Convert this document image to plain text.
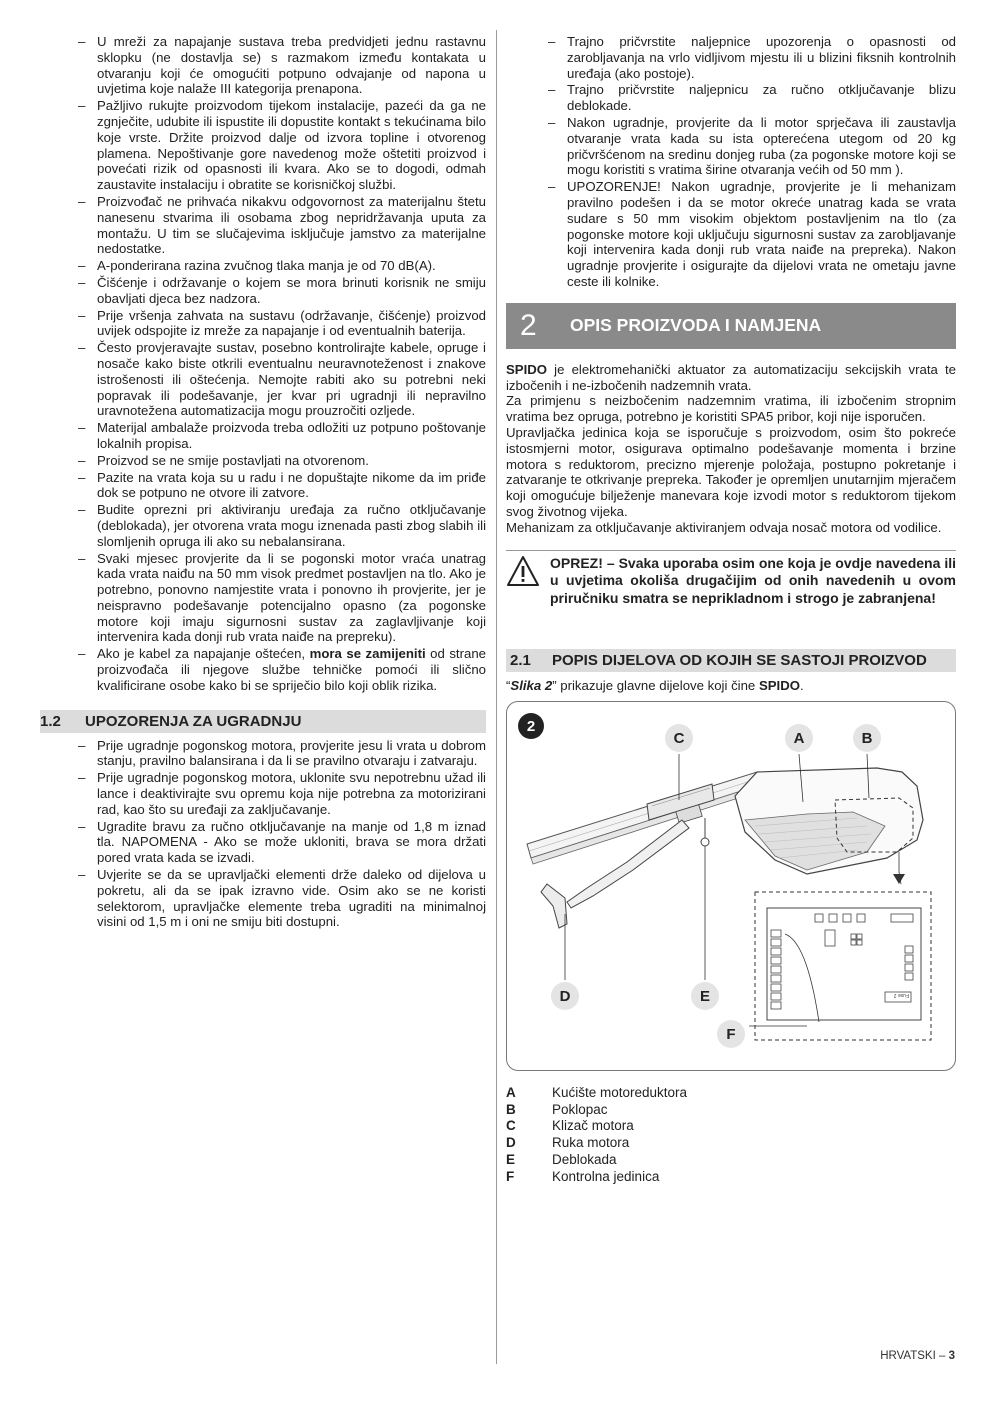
– U mreži za napajanje sustava treba predvidjeti jednu rastavnu sklopku (ne dostavlja se) s razmakom između kontakata u otvaranju koji će omogućiti potpuno odvajanje od napona u uvjetima koje nalaže III kategorija prenapona.
– Pažljivo rukujte proizvodom tijekom instalacije, pazeći da ga ne zgnječite, udubite ili ispustite ili dopustite kontakt s tekućinama bilo koje vrste. Držite proizvod dalje od izvora topline i otvorenog plamena. Nepoštivanje gore navedenog može oštetiti proizvod i povećati rizik od opasnosti ili kvara. Ako se to dogodi, odmah zaustavite instalaciju i obratite se korisničkoj službi.
– Proizvođač ne prihvaća nikakvu odgovornost za materijalnu štetu nanesenu stvarima ili osobama zbog nepridržavanja uputa za montažu. U tim se slučajevima isključuje jamstvo za materijalne nedostatke.
– A-ponderirana razina zvučnog tlaka manja je od 70 dB(A).
– Čišćenje i održavanje o kojem se mora brinuti korisnik ne smiju obavljati djeca bez nadzora.
– Prije vršenja zahvata na sustavu (održavanje, čišćenje) proizvod uvijek odspojite iz mreže za napajanje i od eventualnih baterija.
– Često provjeravajte sustav, posebno kontrolirajte kabele, opruge i nosače kako biste otkrili eventualnu neuravnoteženost i znakove istrošenosti ili oštećenja. Nemojte rabiti ako su potrebni neki popravak ili podešavanje, jer kvar pri ugradnji ili nepravilno uravnotežena automatizacija mogu prouzročiti ozljede.
– Materijal ambalaže proizvoda treba odložiti uz potpuno poštovanje lokalnih propisa.
– Proizvod se ne smije postavljati na otvorenom.
– Pazite na vrata koja su u radu i ne dopuštajte nikome da im priđe dok se potpuno ne otvore ili zatvore.
– Budite oprezni pri aktiviranju uređaja za ručno otključavanje (deblokada), jer otvorena vrata mogu iznenada pasti zbog slabih ili slomljenih opruga ili ako su nebalansirana.
– Svaki mjesec provjerite da li se pogonski motor vraća unatrag kada vrata naiđu na 50 mm visok predmet postavljen na tlo. Ako je potrebno, ponovno namjestite vrata i ponovno ih provjerite, jer je neispravno podešavanje potencijalno opasno (za pogonske motore koji imaju sigurnosni sustav za zaglavljivanje koji intervenira kada donji rub vrata naiđe na prepreku).
– Ako je kabel za napajanje oštećen, mora se zamijeniti od strane proizvođača ili njegove službe tehničke pomoći ili slično kvalificirane osobe kako bi se spriječio bilo koji oblik rizika.
1.2	UPOZORENJA ZA UGRADNJU
– Prije ugradnje pogonskog motora, provjerite jesu li vrata u dobrom stanju, pravilno balansirana i da li se pravilno otvaraju i zatvaraju.
– Prije ugradnje pogonskog motora, uklonite svu nepotrebnu užad ili lance i deaktivirajte svu opremu koja nije potrebna za motorizirani rad, kao što su uređaji za zaključavanje.
– Ugradite bravu za ručno otključavanje na manje od 1,8 m iznad tla. NAPOMENA - Ako se može ukloniti, brava se mora držati pored vrata kada se izvadi.
– Uvjerite se da se upravljački elementi drže daleko od dijelova u pokretu, ali da se ipak izravno vide. Osim ako se ne koristi selektorom, upravljačke elemente treba ugraditi na minimalnoj visini od 1,5 m i oni ne smiju biti dostupni.
– Trajno pričvrstite naljepnice upozorenja o opasnosti od zarobljavanja na vrlo vidljivom mjestu ili u blizini fiksnih kontrolnih uređaja (ako postoje).
– Trajno pričvrstite naljepnicu za ručno otključavanje blizu deblokade.
– Nakon ugradnje, provjerite da li motor sprječava ili zaustavlja otvaranje vrata kada su ista opterećena utegom od 20 kg pričvršćenom na sredinu donjeg ruba (za pogonske motore koji se mogu koristiti s vratima širine otvaranja većih od 50 mm ).
– UPOZORENJE! Nakon ugradnje, provjerite je li mehanizam pravilno podešen i da se motor okreće unatrag kada se vrata sudare s 50 mm visokim objektom postavljenim na tlo (za pogonske motore koji uključuju sigurnosni sustav za zarobljavanje koji intervenira kada donji rub vrata naiđe na prepreka). Nakon ugradnje provjerite i osigurajte da dijelovi vrata ne ometaju javne ceste ili kolnike.
2	OPIS PROIZVODA I NAMJENA

SPIDO je elektromehanički aktuator za automatizaciju sekcijskih vrata te izbočenih i ne-izbočenih nadzemnih vrata.

Za primjenu s neizbočenim nadzemnim vratima, ili izbočenim stropnim vratima bez opruga, potrebno je koristiti SPA5 pribor, koji nije isporučen.

Upravljačka jedinica koja se isporučuje s proizvodom, osim što pokreće istosmjerni motor, osigurava optimalno podešavanje momenta i brzine motora s reduktorom, precizno mjerenje položaja, postupno pokretanje i zatvaranje te otkrivanje prepreka. Također je opremljen unutarnjim mjeračem koji omogućuje bilježenje manevara koje izvodi motor s reduktorom tijekom svog životnog vijeka.

Mehanizam za otključavanje aktiviranjem odvaja nosač motora od vodilice.

OPREZ! – Svaka uporaba osim one koja je ovdje navedena ili u uvjetima okoliša drugačijim od onih navedenih u ovom priručniku smatra se neprikladnom i strogo je zabranjena!
2.1	POPIS DIJELOVA OD KOJIH SE SASTOJI PROIZVOD
“Slika 2” prikazuje glavne dijelove koji čine SPIDO.
Fuse 2
2
C	A	B
D	E
F
A	Kućište motoreduktora
B	Poklopac
C	Klizač motora
D	Ruka motora
E	Deblokada
F	Kontrolna jedinica
HRVATSKI – 3
